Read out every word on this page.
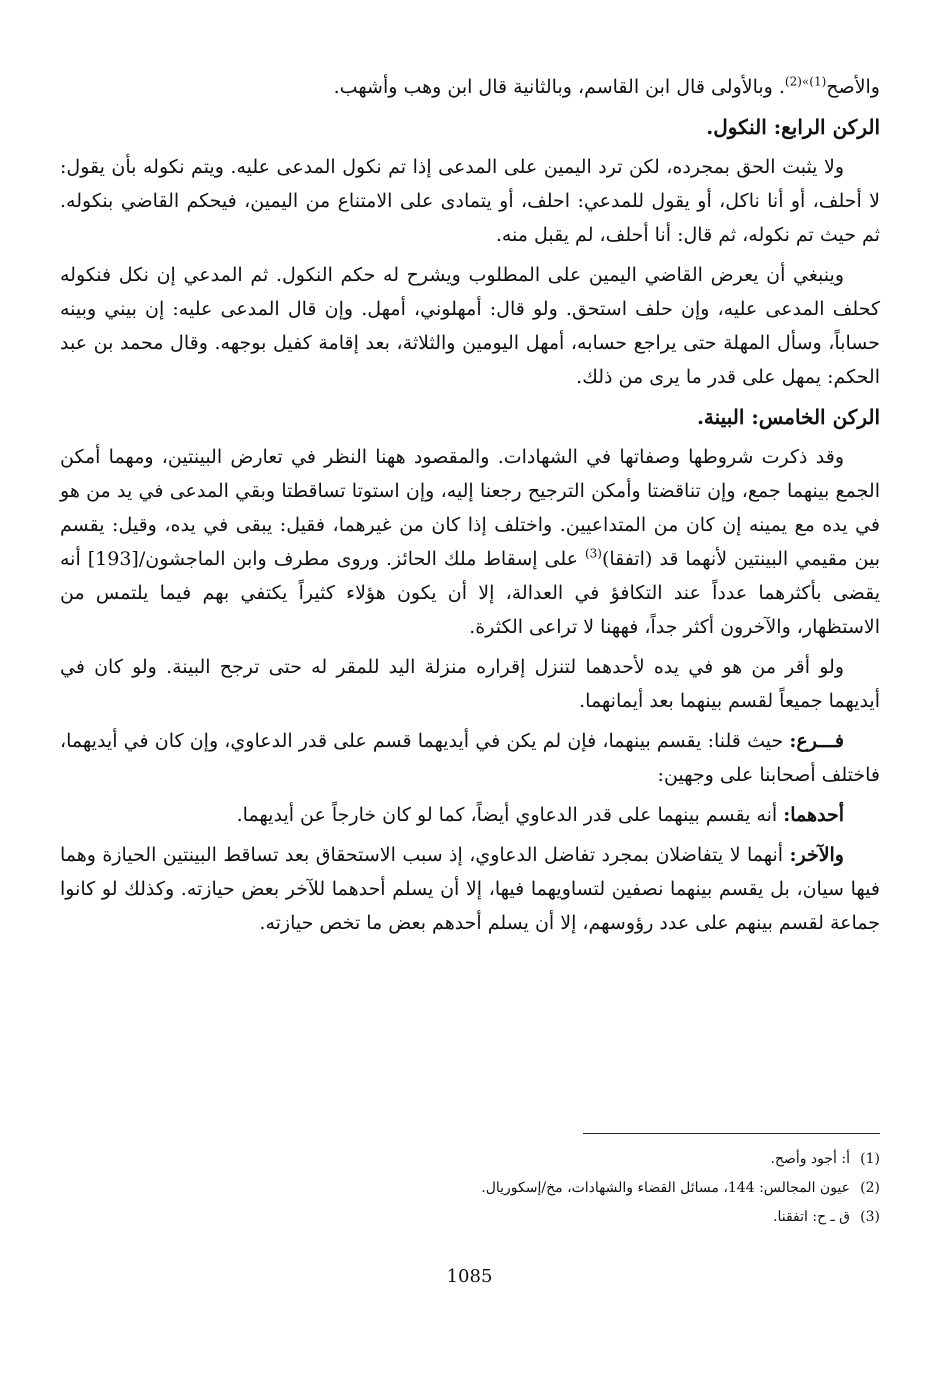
والأصح$^{(1)»(2)}$. وبالأولى قال ابن القاسم، وبالثانية قال ابن وهب وأشهب.

الركن الرابع: النكول.

ولا يثبت الحق بمجرده، لكن ترد اليمين على المدعى إذا تم نكول المدعى عليه. ويتم نكوله بأن يقول: لا أحلف، أو أنا ناكل، أو يقول للمدعي: احلف، أو يتمادى على الامتناع من اليمين، فيحكم القاضي بنكوله. ثم حيث تم نكوله، ثم قال: أنا أحلف، لم يقبل منه.

وينبغي أن يعرض القاضي اليمين على المطلوب ويشرح له حكم النكول. ثم المدعي إن نكل فنكوله كحلف المدعى عليه، وإن حلف استحق. ولو قال: أمهلوني، أمهل. وإن قال المدعى عليه: إن بيني وبينه حساباً، وسأل المهلة حتى يراجع حسابه، أمهل اليومين والثلاثة، بعد إقامة كفيل بوجهه. وقال محمد بن عبد الحكم: يمهل على قدر ما يرى من ذلك.

الركن الخامس: البينة.

وقد ذكرت شروطها وصفاتها في الشهادات. والمقصود ههنا النظر في تعارض البينتين، ومهما أمكن الجمع بينهما جمع، وإن تناقضتا وأمكن الترجيح رجعنا إليه، وإن استوتا تساقطتا وبقي المدعى في يد من هو في يده مع يمينه إن كان من المتداعيين. واختلف إذا كان من غيرهما، فقيل: يبقى في يده، وقيل: يقسم بين مقيمي البينتين لأنهما قد (اتفقا)$^{(3)}$ على إسقاط ملك الحائز. وروى مطرف وابن الماجشون/[193] أنه يقضى بأكثرهما عدداً عند التكافؤ في العدالة، إلا أن يكون هؤلاء كثيراً يكتفي بهم فيما يلتمس من الاستظهار، والآخرون أكثر جداً، فههنا لا تراعى الكثرة.

ولو أقر من هو في يده لأحدهما لتنزل إقراره منزلة اليد للمقر له حتى ترجح البينة. ولو كان في أيديهما جميعاً لقسم بينهما بعد أيمانهما.

فـــرع: حيث قلنا: يقسم بينهما، فإن لم يكن في أيديهما قسم على قدر الدعاوي، وإن كان في أيديهما، فاختلف أصحابنا على وجهين:

أحدهما: أنه يقسم بينهما على قدر الدعاوي أيضاً، كما لو كان خارجاً عن أيديهما.

والآخر: أنهما لا يتفاضلان بمجرد تفاضل الدعاوي، إذ سبب الاستحقاق بعد تساقط البينتين الحيازة وهما فيها سيان، بل يقسم بينهما نصفين لتساويهما فيها، إلا أن يسلم أحدهما للآخر بعض حيازته. وكذلك لو كانوا جماعة لقسم بينهم على عدد رؤوسهم، إلا أن يسلم أحدهم بعض ما تخص حيازته.

(1)أ: أجود وأصح.
(2)عيون المجالس: 144، مسائل القضاء والشهادات، مخ/إسكوريال.
(3)ق ـ ح: اتفقنا.
1085
